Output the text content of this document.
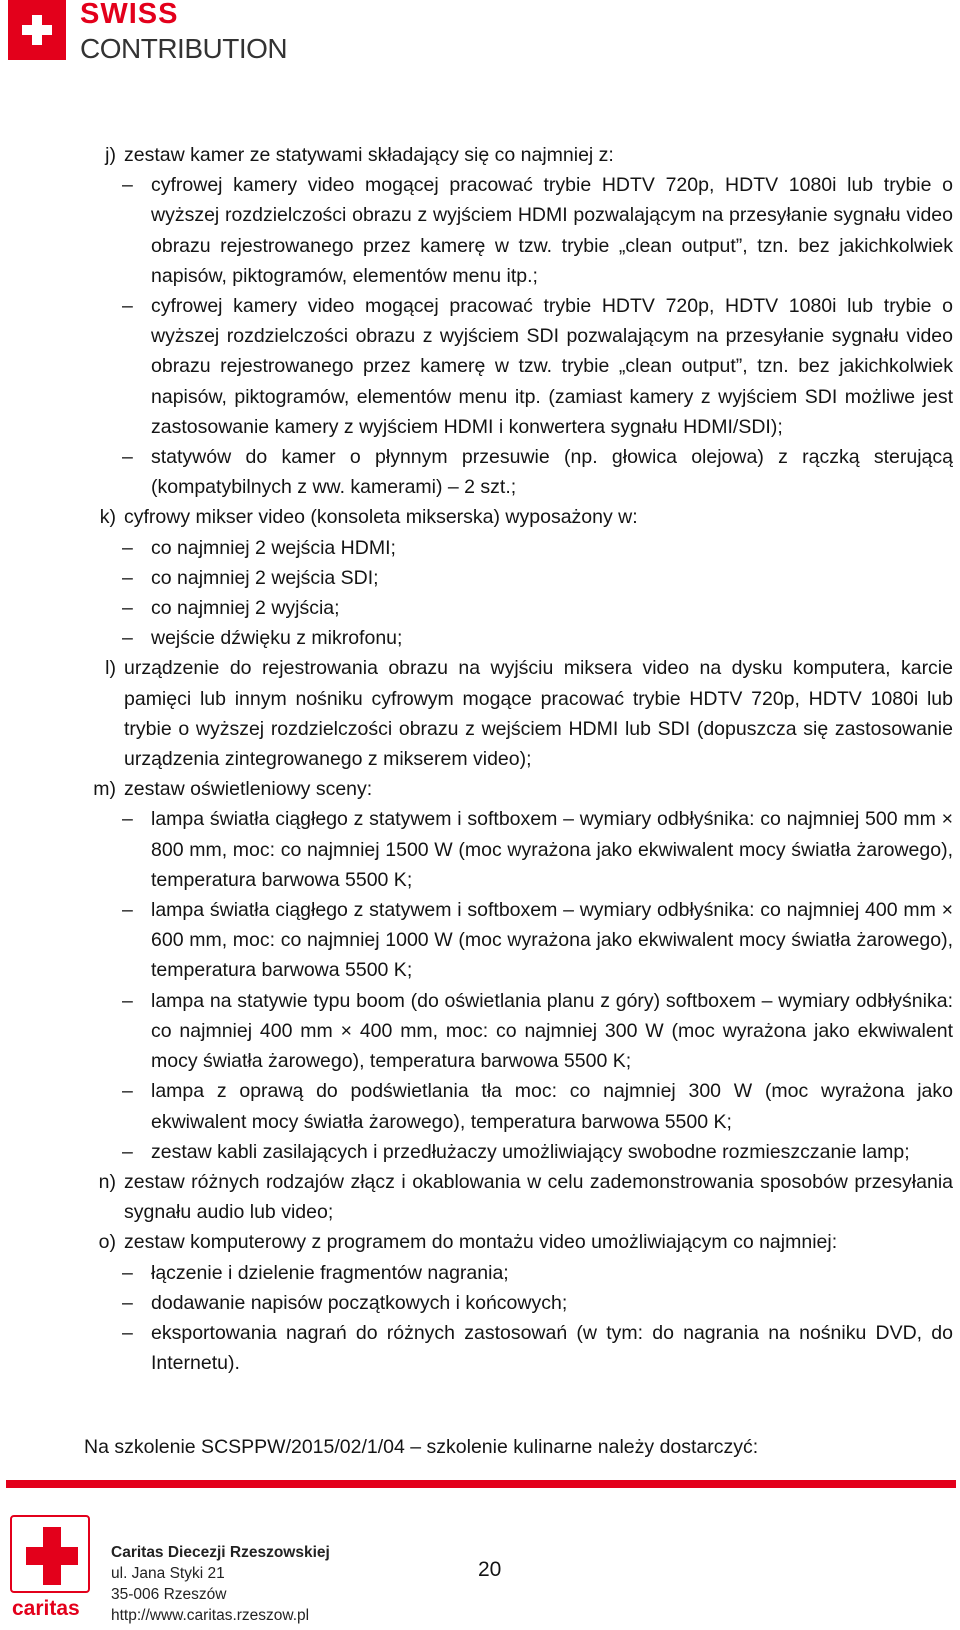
SWISS
CONTRIBUTION
j) zestaw kamer ze statywami składający się co najmniej z:
– cyfrowej kamery video mogącej pracować trybie HDTV 720p, HDTV 1080i lub trybie o wyższej rozdzielczości obrazu z wyjściem HDMI pozwalającym na przesyłanie sygnału video obrazu rejestrowanego przez kamerę w tzw. trybie „clean output”, tzn. bez jakichkolwiek napisów, piktogramów, elementów menu itp.;
– cyfrowej kamery video mogącej pracować trybie HDTV 720p, HDTV 1080i lub trybie o wyższej rozdzielczości obrazu z wyjściem SDI pozwalającym na przesyłanie sygnału video obrazu rejestrowanego przez kamerę w tzw. trybie „clean output”, tzn. bez jakichkolwiek napisów, piktogramów, elementów menu itp. (zamiast kamery z wyjściem SDI możliwe jest zastosowanie kamery z wyjściem HDMI i konwertera sygnału HDMI/SDI);
– statywów do kamer o płynnym przesuwie (np. głowica olejowa) z rączką sterującą (kompatybilnych z ww. kamerami) – 2 szt.;
k) cyfrowy mikser video (konsoleta mikserska) wyposażony w:
– co najmniej 2 wejścia HDMI;
– co najmniej 2 wejścia SDI;
– co najmniej 2 wyjścia;
– wejście dźwięku z mikrofonu;
l) urządzenie do rejestrowania obrazu na wyjściu miksera video na dysku komputera, karcie pamięci lub innym nośniku cyfrowym mogące pracować trybie HDTV 720p, HDTV 1080i lub trybie o wyższej rozdzielczości obrazu z wejściem HDMI lub SDI (dopuszcza się zastosowanie urządzenia zintegrowanego z mikserem video);
m) zestaw oświetleniowy sceny:
– lampa światła ciągłego z statywem i softboxem – wymiary odbłyśnika: co najmniej 500 mm × 800 mm, moc: co najmniej 1500 W (moc wyrażona jako ekwiwalent mocy światła żarowego), temperatura barwowa 5500 K;
– lampa światła ciągłego z statywem i softboxem – wymiary odbłyśnika: co najmniej 400 mm × 600 mm, moc: co najmniej 1000 W (moc wyrażona jako ekwiwalent mocy światła żarowego), temperatura barwowa 5500 K;
– lampa na statywie typu boom (do oświetlania planu z góry) softboxem – wymiary odbłyśnika: co najmniej 400 mm × 400 mm, moc: co najmniej 300 W (moc wyrażona jako ekwiwalent mocy światła żarowego), temperatura barwowa 5500 K;
– lampa z oprawą do podświetlania tła moc: co najmniej 300 W (moc wyrażona jako ekwiwalent mocy światła żarowego), temperatura barwowa 5500 K;
– zestaw kabli zasilających i przedłużaczy umożliwiający swobodne rozmieszczanie lamp;
n) zestaw różnych rodzajów złącz i okablowania w celu zademonstrowania sposobów przesyłania sygnału audio lub video;
o) zestaw komputerowy z programem do montażu video umożliwiającym co najmniej:
– łączenie i dzielenie fragmentów nagrania;
– dodawanie napisów początkowych i końcowych;
– eksportowania nagrań do różnych zastosowań (w tym: do nagrania na nośniku DVD, do Internetu).
Na szkolenie SCSPPW/2015/02/1/04 – szkolenie kulinarne należy dostarczyć:
caritas
Caritas Diecezji Rzeszowskiej
ul. Jana Styki 21
35-006 Rzeszów
http://www.caritas.rzeszow.pl
20
